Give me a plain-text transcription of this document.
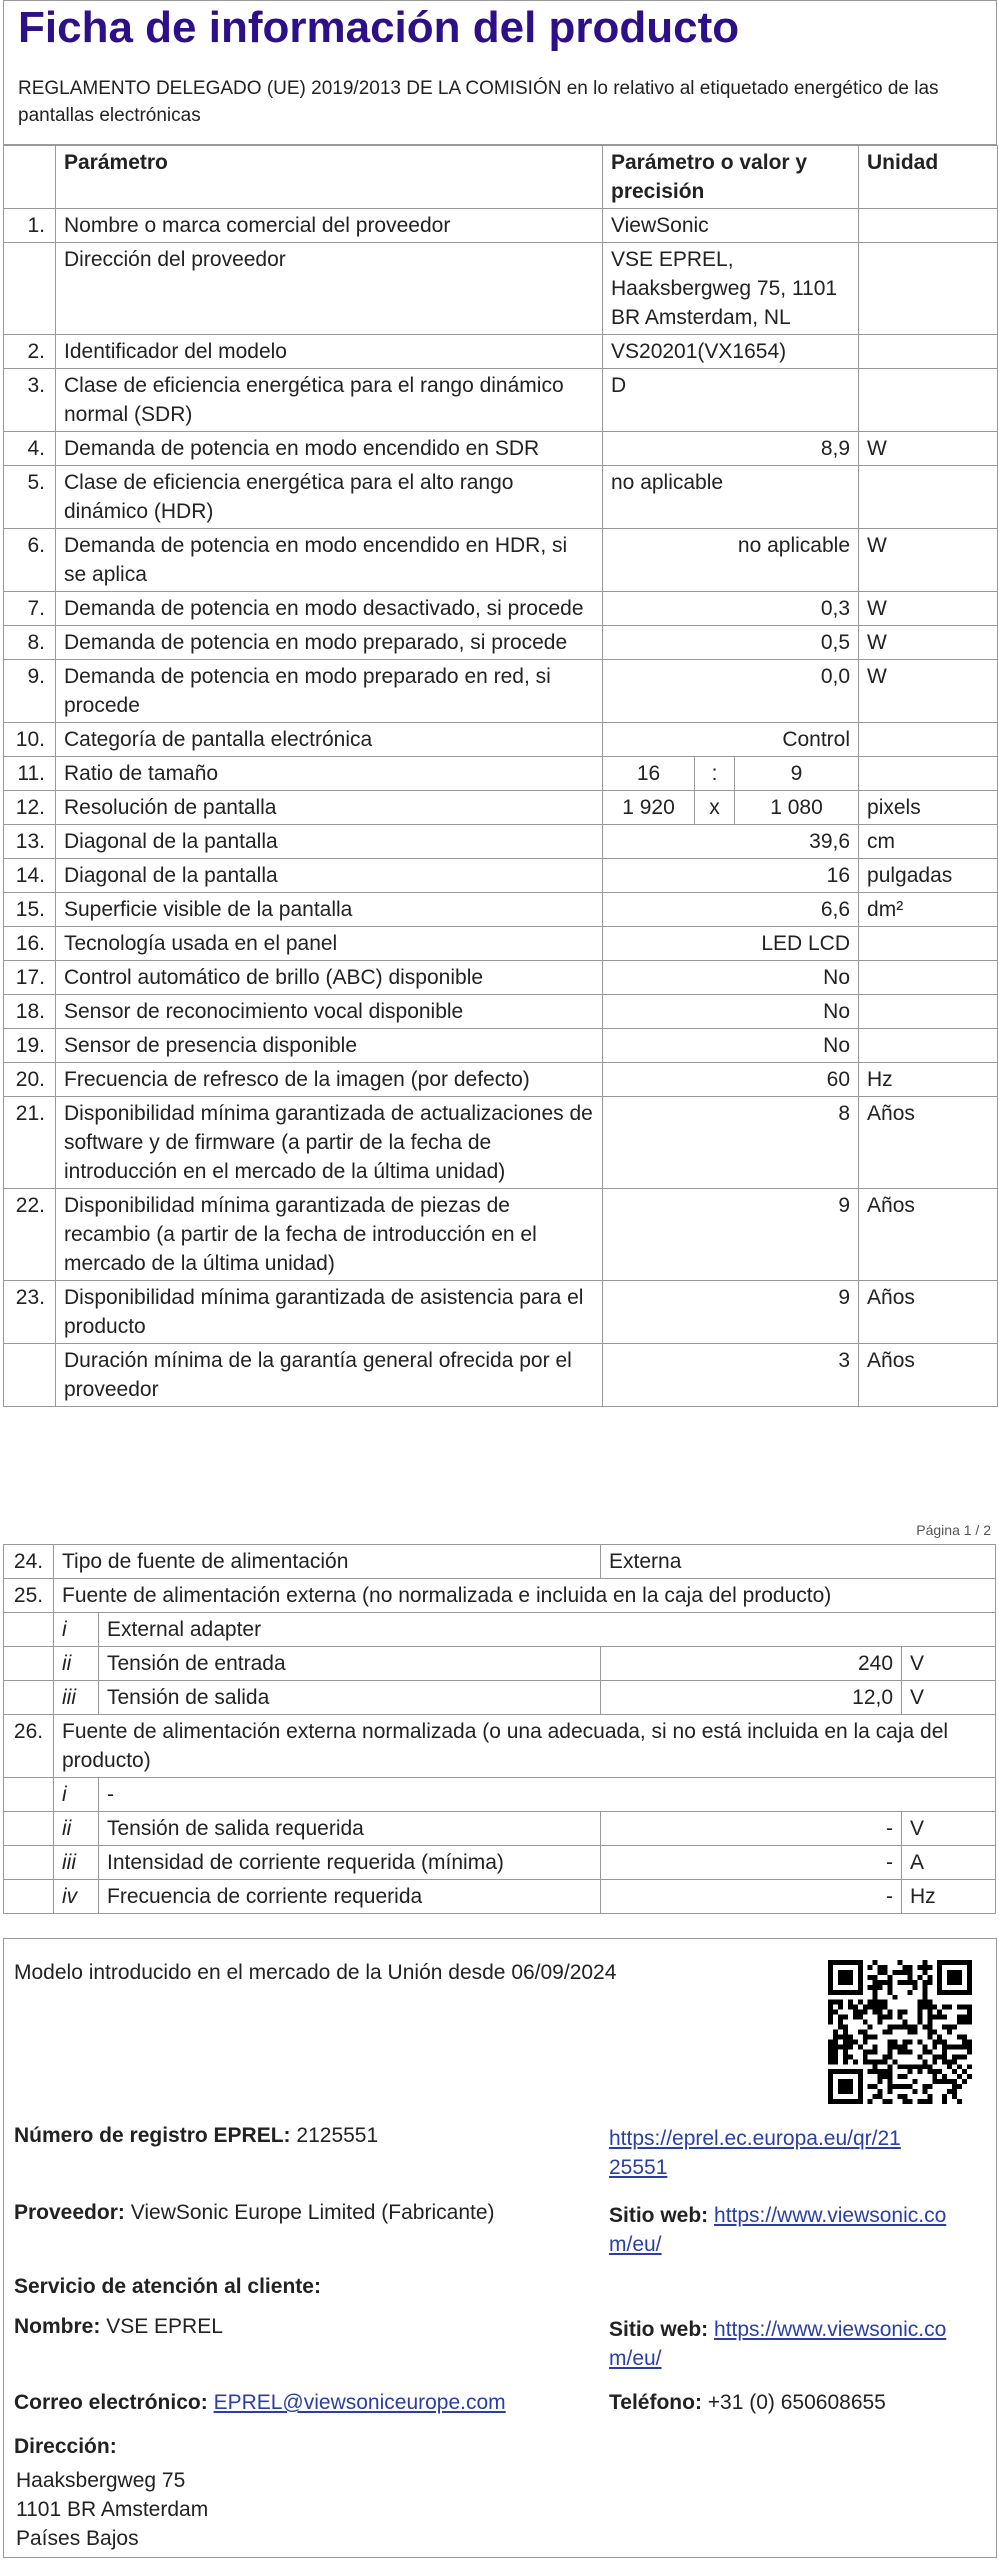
Ficha de información del producto
REGLAMENTO DELEGADO (UE) 2019/2013 DE LA COMISIÓN en lo relativo al etiquetado energético de las pantallas electrónicas
	Parámetro	Parámetro o valor y precisión			Unidad
1.	Nombre o marca comercial del proveedor	ViewSonic			
	Dirección del proveedor	VSE EPREL, Haaksbergweg 75, 1101 BR Amsterdam, NL			
2.	Identificador del modelo	VS20201(VX1654)			
3.	Clase de eficiencia energética para el rango dinámico normal (SDR)	D			
4.	Demanda de potencia en modo encendido en SDR	8,9			W
5.	Clase de eficiencia energética para el alto rango dinámico (HDR)	no aplicable			
6.	Demanda de potencia en modo encendido en HDR, si se aplica	no aplicable			W
7.	Demanda de potencia en modo desactivado, si procede	0,3			W
8.	Demanda de potencia en modo preparado, si procede	0,5			W
9.	Demanda de potencia en modo preparado en red, si procede	0,0			W
10.	Categoría de pantalla electrónica	Control			
11.	Ratio de tamaño	16	:	9	
12.	Resolución de pantalla	1 920	x	1 080	pixels
13.	Diagonal de la pantalla	39,6			cm
14.	Diagonal de la pantalla	16			pulgadas
15.	Superficie visible de la pantalla	6,6			dm²
16.	Tecnología usada en el panel	LED LCD			
17.	Control automático de brillo (ABC) disponible	No			
18.	Sensor de reconocimiento vocal disponible	No			
19.	Sensor de presencia disponible	No			
20.	Frecuencia de refresco de la imagen (por defecto)	60			Hz
21.	Disponibilidad mínima garantizada de actualizaciones de software y de firmware (a partir de la fecha de introducción en el mercado de la última unidad)	8			Años
22.	Disponibilidad mínima garantizada de piezas de recambio (a partir de la fecha de introducción en el mercado de la última unidad)	9			Años
23.	Disponibilidad mínima garantizada de asistencia para el producto	9			Años
	Duración mínima de la garantía general ofrecida por el proveedor	3			Años
Página 1 / 2
24.	Tipo de fuente de alimentación		Externa	
25.	Fuente de alimentación externa (no normalizada e incluida en la caja del producto)			
	i	External adapter		
	ii	Tensión de entrada	240	V
	iii	Tensión de salida	12,0	V
26.	Fuente de alimentación externa normalizada (o una adecuada, si no está incluida en la caja del producto)			
	i	-		
	ii	Tensión de salida requerida	-	V
	iii	Intensidad de corriente requerida (mínima)	-	A
	iv	Frecuencia de corriente requerida	-	Hz
Modelo introducido en el mercado de la Unión desde 06/09/2024
Número de registro EPREL: 2125551	https://eprel.ec.europa.eu/qr/21
25551
Proveedor: ViewSonic Europe Limited (Fabricante)	Sitio web: https://www.viewsonic.co
m/eu/
Servicio de atención al cliente:
Nombre: VSE EPREL	Sitio web: https://www.viewsonic.co
m/eu/
Correo electrónico: EPREL@viewsoniceurope.com	Teléfono: +31 (0) 650608655
Dirección:
Haaksbergweg 75
1101 BR Amsterdam
Países Bajos
